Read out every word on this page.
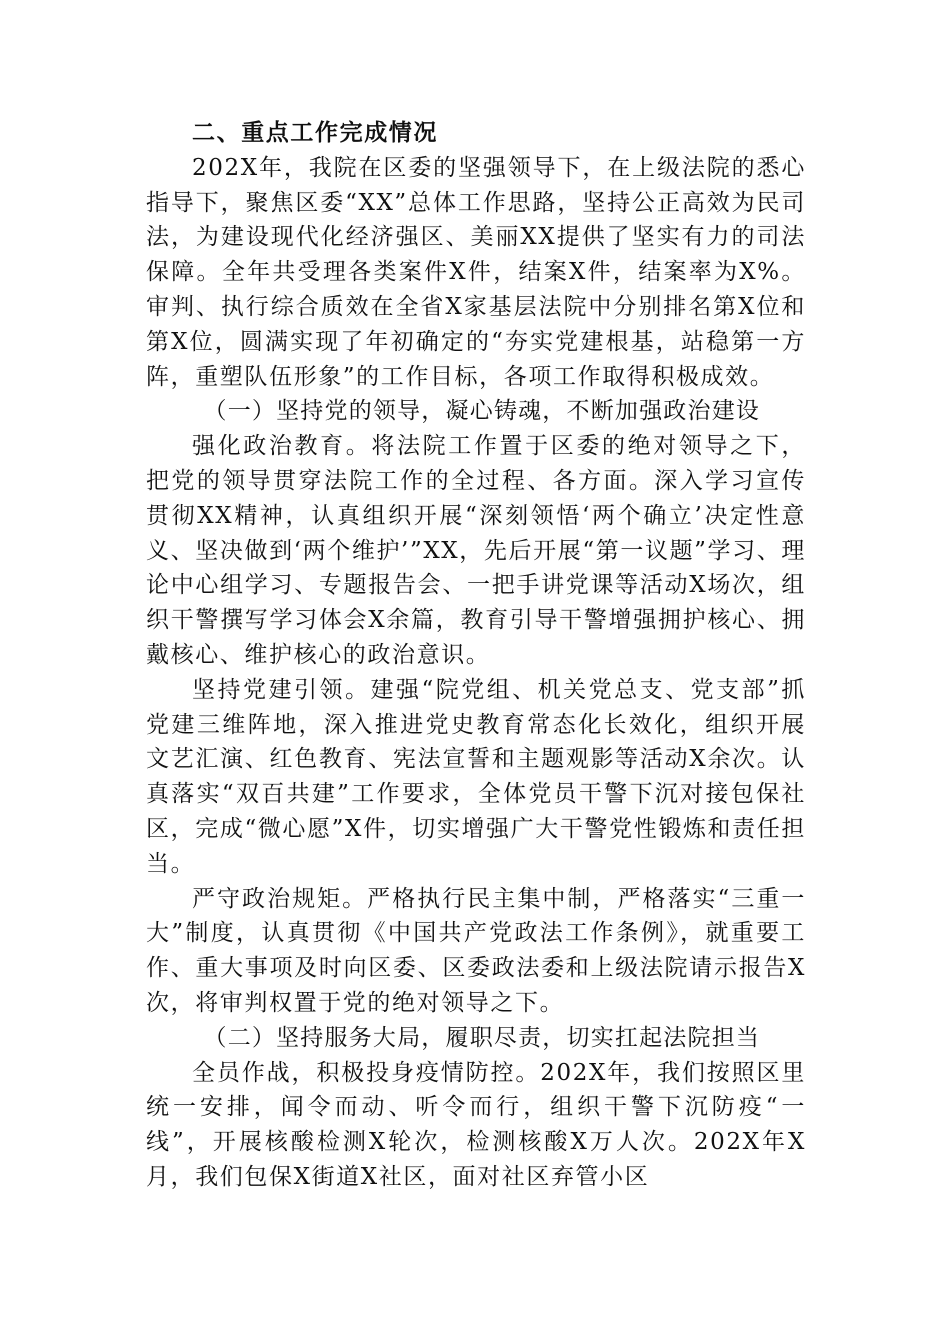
二、重点工作完成情况

202X年，我院在区委的坚强领导下，在上级法院的悉心指导下，聚焦区委“XX”总体工作思路，坚持公正高效为民司法，为建设现代化经济强区、美丽XX提供了坚实有力的司法保障。全年共受理各类案件X件，结案X件，结案率为X%。审判、执行综合质效在全省X家基层法院中分别排名第X位和第X位，圆满实现了年初确定的“夯实党建根基，站稳第一方阵，重塑队伍形象”的工作目标，各项工作取得积极成效。

（一）坚持党的领导，凝心铸魂，不断加强政治建设

强化政治教育。将法院工作置于区委的绝对领导之下，把党的领导贯穿法院工作的全过程、各方面。深入学习宣传贯彻XX精神，认真组织开展“深刻领悟‘两个确立’决定性意义、坚决做到‘两个维护’”XX，先后开展“第一议题”学习、理论中心组学习、专题报告会、一把手讲党课等活动X场次，组织干警撰写学习体会X余篇，教育引导干警增强拥护核心、拥戴核心、维护核心的政治意识。

坚持党建引领。建强“院党组、机关党总支、党支部”抓党建三维阵地，深入推进党史教育常态化长效化，组织开展文艺汇演、红色教育、宪法宣誓和主题观影等活动X余次。认真落实“双百共建”工作要求，全体党员干警下沉对接包保社区，完成“微心愿”X件，切实增强广大干警党性锻炼和责任担当。

严守政治规矩。严格执行民主集中制，严格落实“三重一大”制度，认真贯彻《中国共产党政法工作条例》，就重要工作、重大事项及时向区委、区委政法委和上级法院请示报告X次，将审判权置于党的绝对领导之下。

（二）坚持服务大局，履职尽责，切实扛起法院担当

全员作战，积极投身疫情防控。202X年，我们按照区里统一安排，闻令而动、听令而行，组织干警下沉防疫“一线”，开展核酸检测X轮次，检测核酸X万人次。202X年X月，我们包保X街道X社区，面对社区弃管小区
